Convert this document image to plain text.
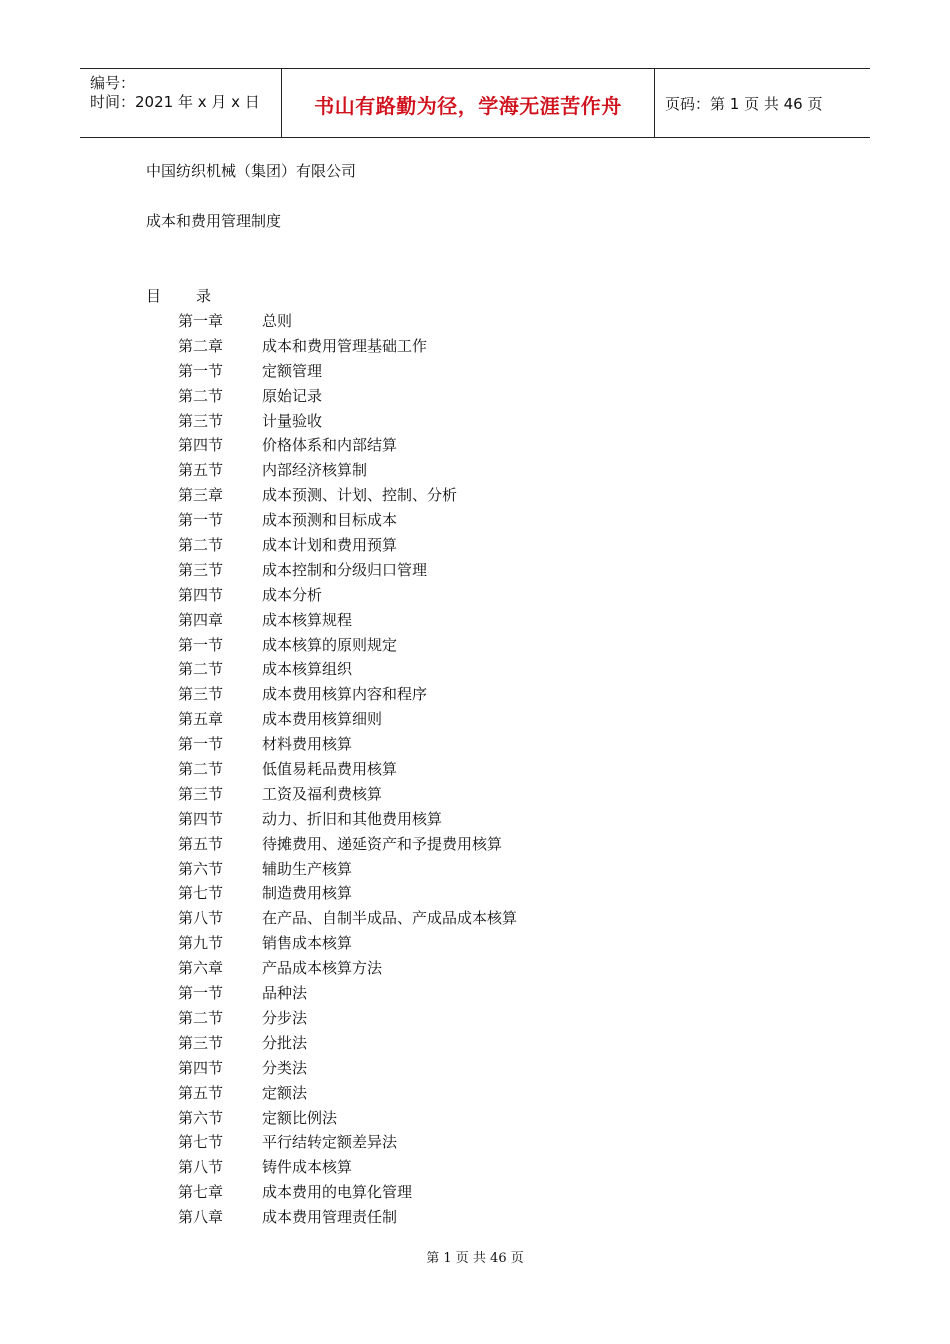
编号：
时间：2021 年 x 月 x 日	书山有路勤为径，学海无涯苦作舟	页码：第 1 页 共 46 页
中国纺织机械（集团）有限公司
成本和费用管理制度
目 录
第一章	总则
第二章	成本和费用管理基础工作
第一节	定额管理
第二节	原始记录
第三节	计量验收
第四节	价格体系和内部结算
第五节	内部经济核算制
第三章	成本预测、计划、控制、分析
第一节	成本预测和目标成本
第二节	成本计划和费用预算
第三节	成本控制和分级归口管理
第四节	成本分析
第四章	成本核算规程
第一节	成本核算的原则规定
第二节	成本核算组织
第三节	成本费用核算内容和程序
第五章	成本费用核算细则
第一节	材料费用核算
第二节	低值易耗品费用核算
第三节	工资及福利费核算
第四节	动力、折旧和其他费用核算
第五节	待摊费用、递延资产和予提费用核算
第六节	辅助生产核算
第七节	制造费用核算
第八节	在产品、自制半成品、产成品成本核算
第九节	销售成本核算
第六章	产品成本核算方法
第一节	品种法
第二节	分步法
第三节	分批法
第四节	分类法
第五节	定额法
第六节	定额比例法
第七节	平行结转定额差异法
第八节	铸件成本核算
第七章	成本费用的电算化管理
第八章	成本费用管理责任制
第 1 页 共 46 页
